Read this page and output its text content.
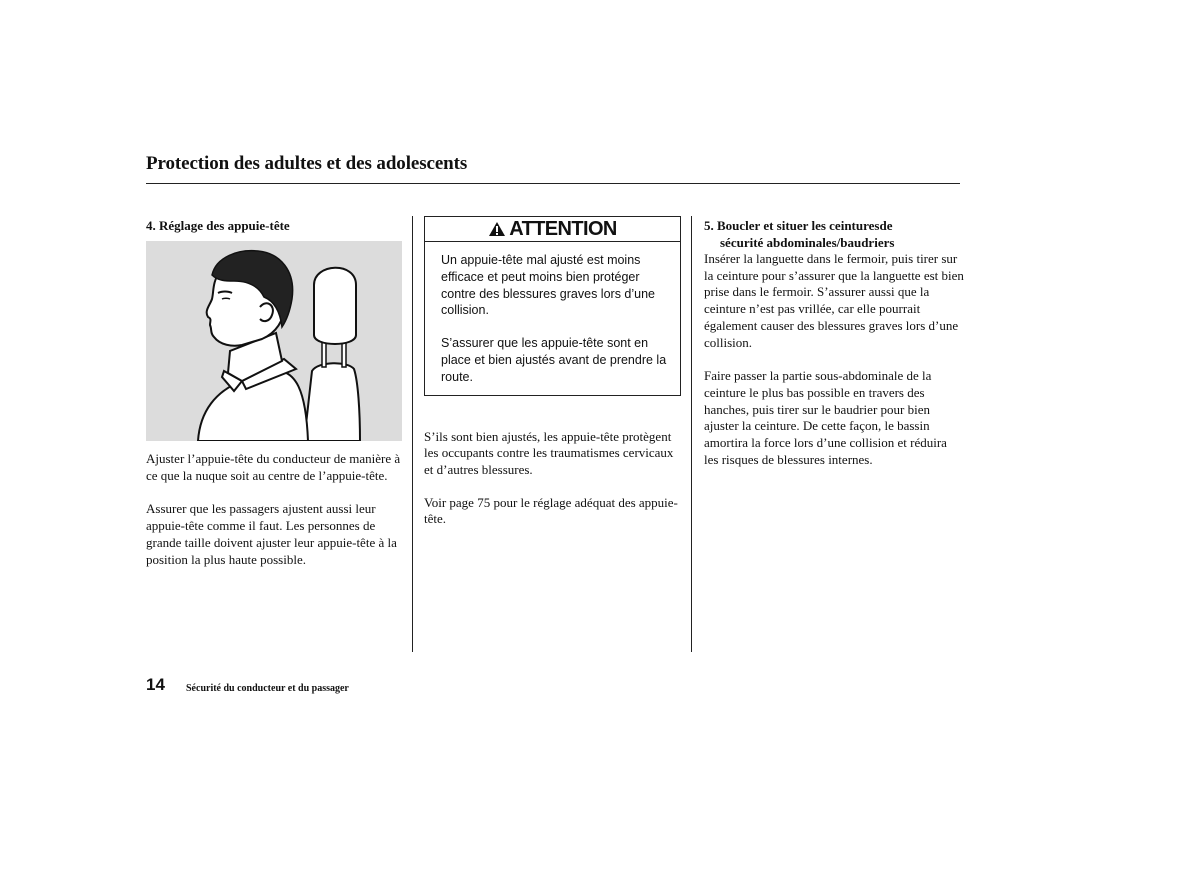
Protection des adultes et des adolescents
4. Réglage des appuie-tête

Ajuster l’appuie-tête du conducteur de manière à ce que la nuque soit au centre de l’appuie-tête.

Assurer que les passagers ajustent aussi leur appuie-tête comme il faut. Les personnes de grande taille doivent ajuster leur appuie-tête à la position la plus haute possible.

ATTENTION

Un appuie-tête mal ajusté est moins efficace et peut moins bien protéger contre des blessures graves lors d’une collision.

S’assurer que les appuie-tête sont en place et bien ajustés avant de prendre la route.

S’ils sont bien ajustés, les appuie-tête protègent les occupants contre les traumatismes cervicaux et d’autres blessures.

Voir page 75 pour le réglage adéquat des appuie-tête.

5. Boucler et situer les ceinturesde
sécurité abdominales/baudriers

Insérer la languette dans le fermoir, puis tirer sur la ceinture pour s’assurer que la languette est bien prise dans le fermoir. S’assurer aussi que la ceinture n’est pas vrillée, car elle pourrait également causer des blessures graves lors d’une collision.

Faire passer la partie sous-abdominale de la ceinture le plus bas possible en travers des hanches, puis tirer sur le baudrier pour bien ajuster la ceinture. De cette façon, le bassin amortira la force lors d’une collision et réduira les risques de blessures internes.

14 Sécurité du conducteur et du passager
